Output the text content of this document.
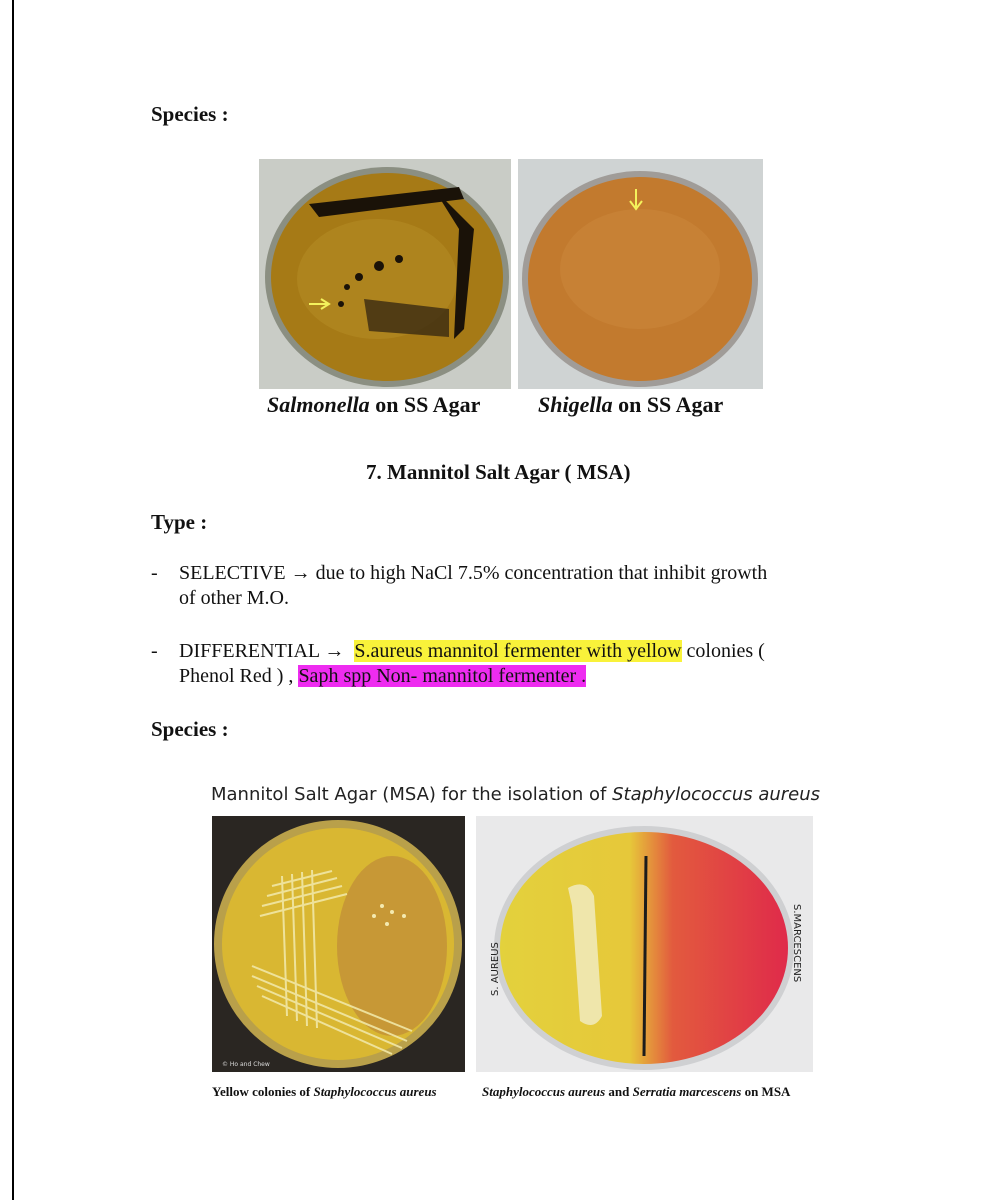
Species :
Salmonella on SS Agar	Shigella on SS Agar
7. Mannitol Salt Agar ( MSA)
Type :
- SELECTIVE → due to high NaCl 7.5% concentration that inhibit growth
of other M.O.
- DIFFERENTIAL →  S.aureus mannitol fermenter with yellow colonies (
Phenol Red ) , Saph spp Non- mannitol fermenter .
Species :
Mannitol Salt Agar (MSA) for the isolation of Staphylococcus aureus
© Ho and Chew
S. AUREUS	S.MARCESCENS
Yellow colonies of Staphylococcus aureus	Staphylococcus aureus and Serratia marcescens on MSA
